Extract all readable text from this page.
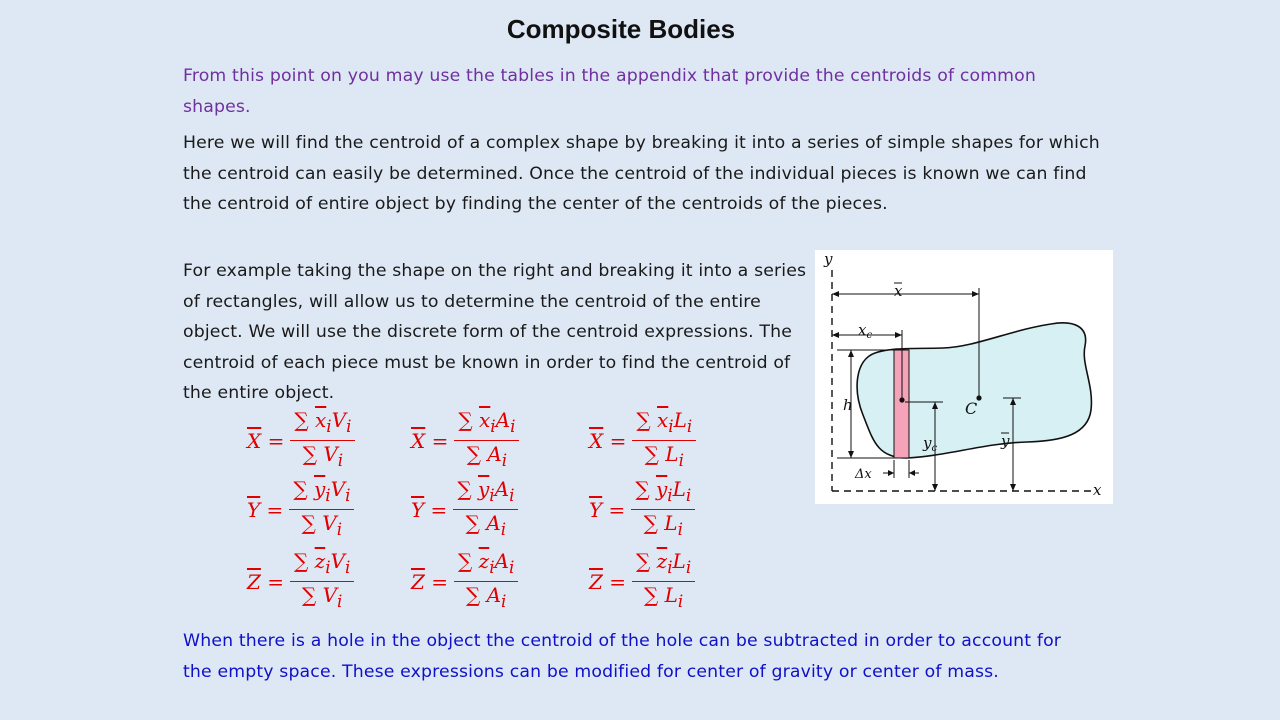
Composite Bodies

From this point on you may use the tables in the appendix that provide the centroids of common shapes.

Here we will find the centroid of a complex shape by breaking it into a series of simple shapes for which the centroid can easily be determined. Once the centroid of the individual pieces is known we can find the centroid of entire object by finding the center of the centroids of the pieces.

For example taking the shape on the right and breaking it into a series of rectangles, will allow us to determine the centroid of the entire object. We will use the discrete form of the centroid expressions. The centroid of each piece must be known in order to find the centroid of the entire object.

When there is a hole in the object the centroid of the hole can be subtracted in order to account for the empty space. These expressions can be modified for center of gravity or center of mass.

$\overline{X} = \frac{\sum \overline{x}_iV_i}{\sum V_i}$	$\overline{X} = \frac{\sum \overline{x}_iA_i}{\sum A_i}$	$\overline{X} = \frac{\sum \overline{x}_iL_i}{\sum L_i}$
$\overline{Y} = \frac{\sum \overline{y}_iV_i}{\sum V_i}$	$\overline{Y} = \frac{\sum \overline{y}_iA_i}{\sum A_i}$	$\overline{Y} = \frac{\sum \overline{y}_iL_i}{\sum L_i}$
$\overline{Z} = \frac{\sum \overline{z}_iV_i}{\sum V_i}$	$\overline{Z} = \frac{\sum \overline{z}_iA_i}{\sum A_i}$	$\overline{Z} = \frac{\sum \overline{z}_iL_i}{\sum L_i}$
y
x
x
$x_c$
h	C
$y_c$	y
Δx
